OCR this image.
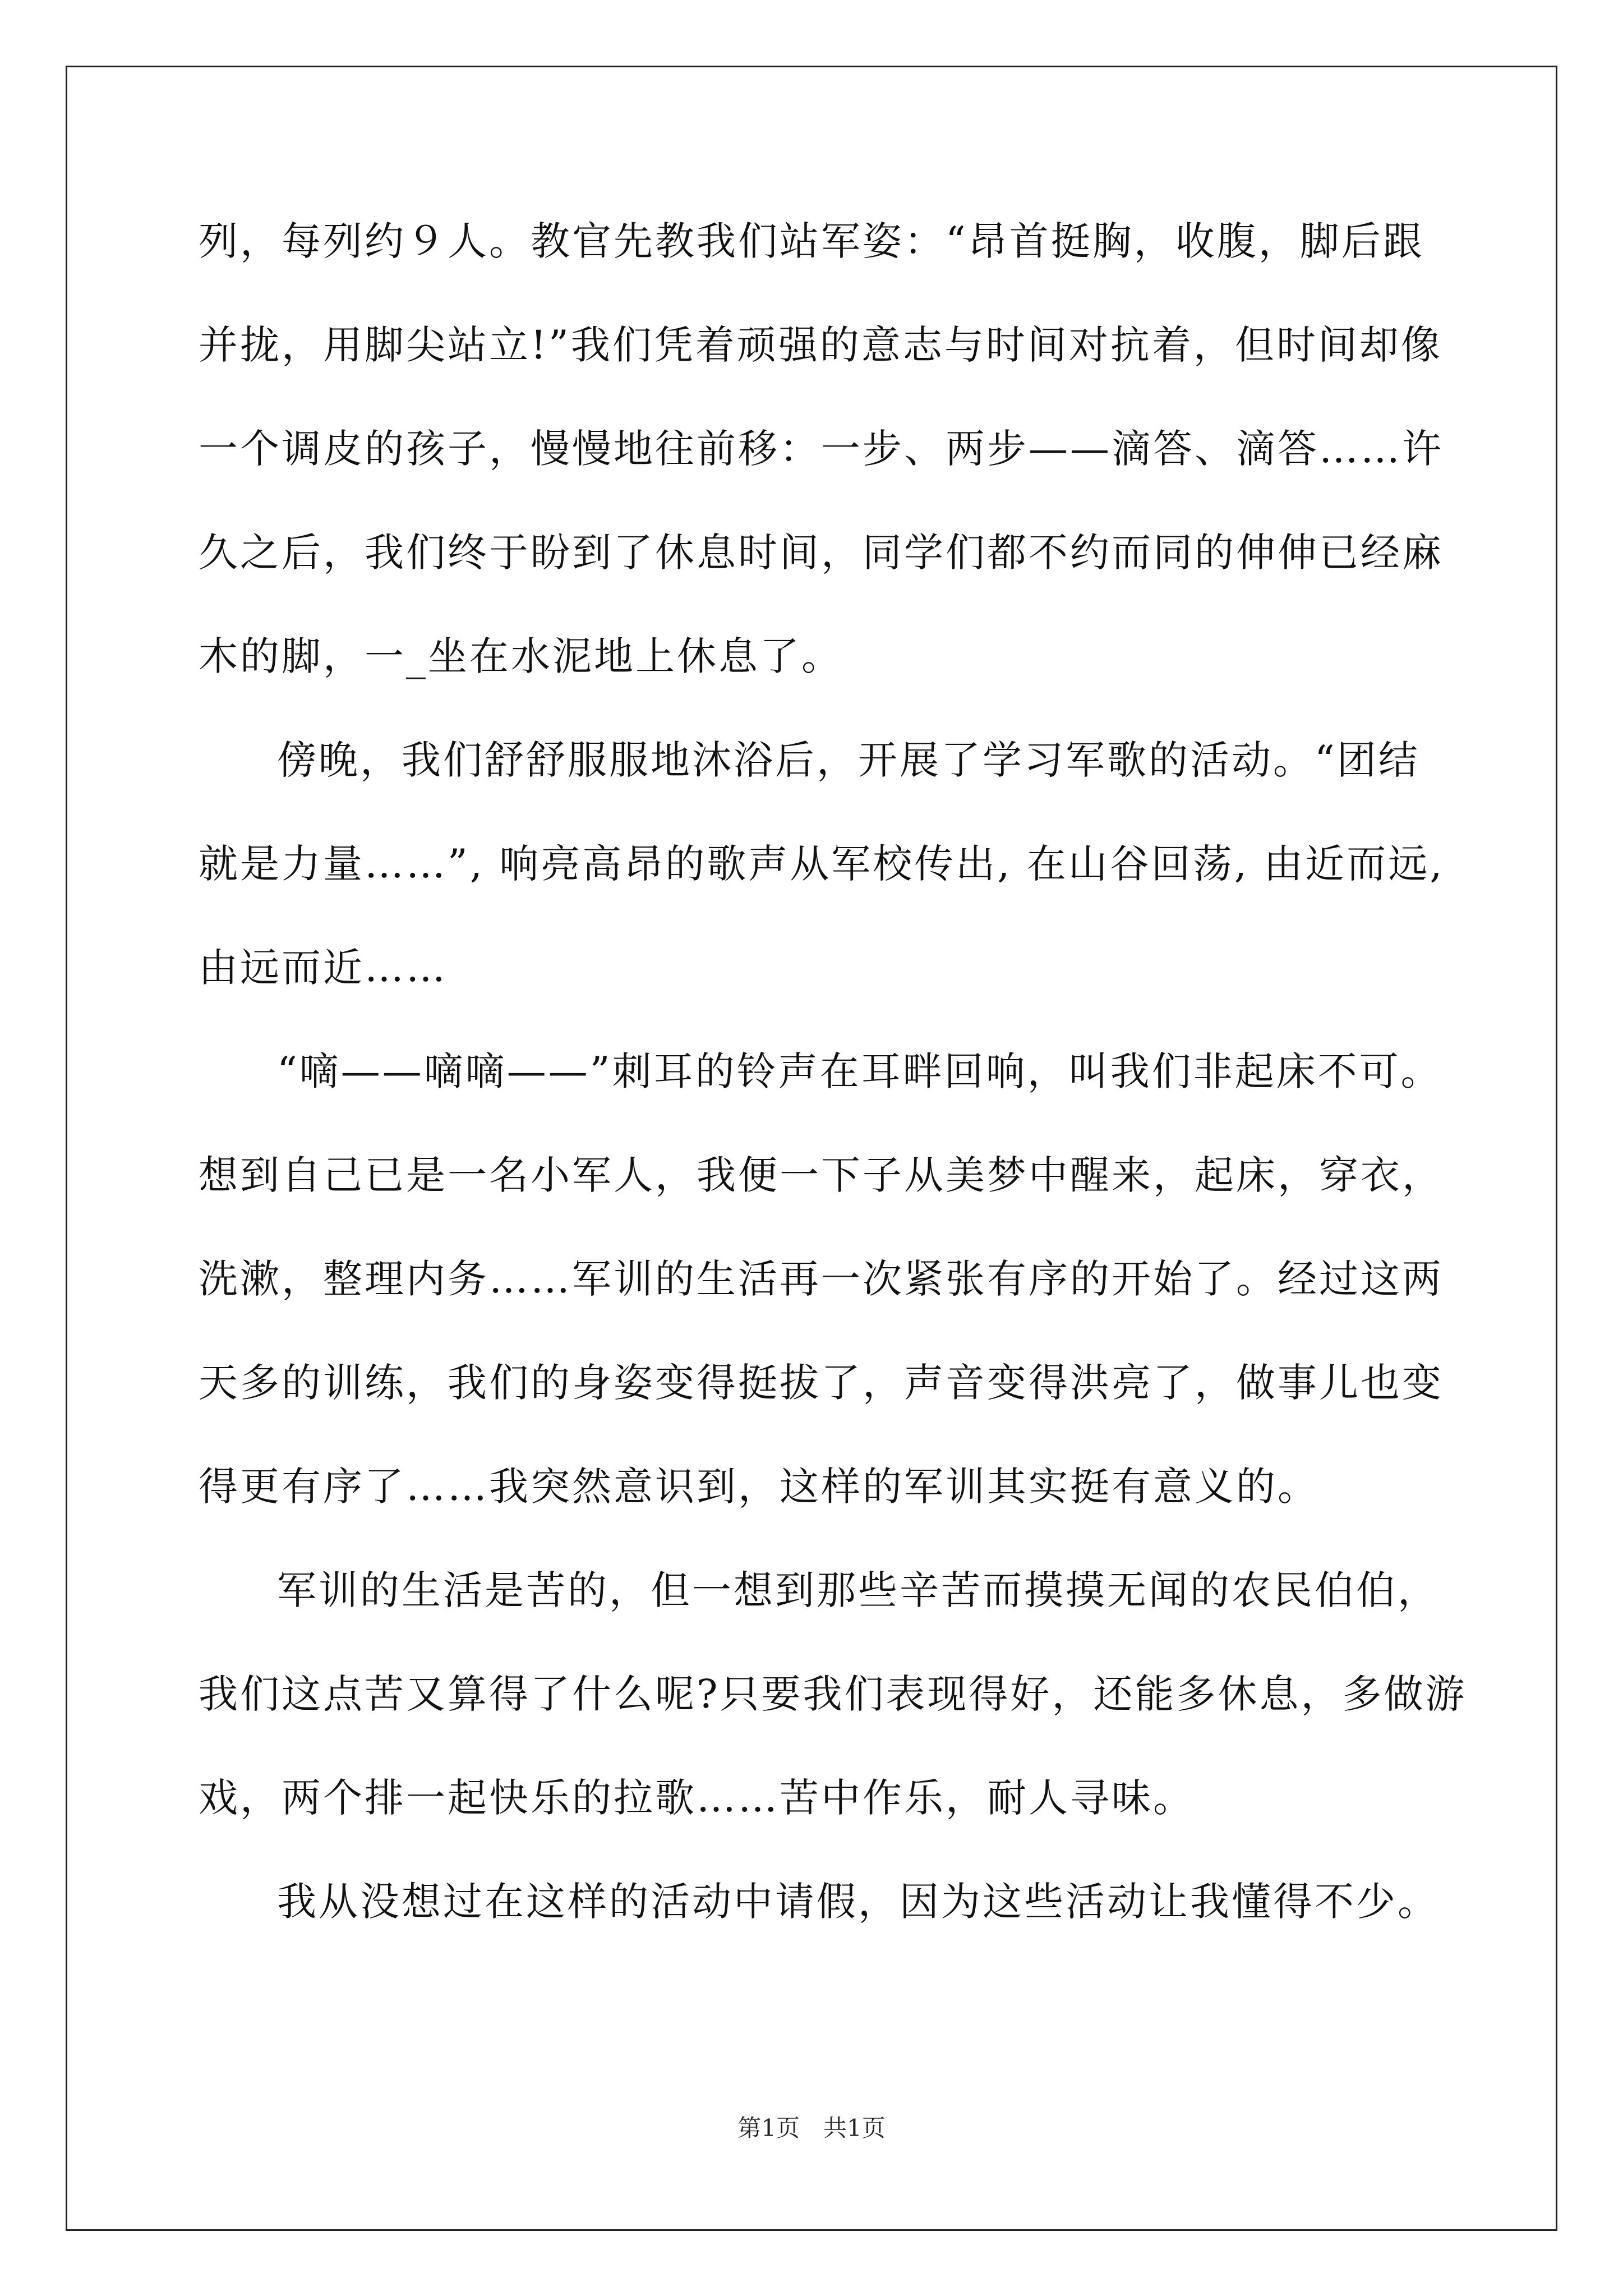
列，每列约９人。教官先教我们站军姿：“昂首挺胸，收腹，脚后跟
并拢，用脚尖站立!”我们凭着顽强的意志与时间对抗着，但时间却像
一个调皮的孩子，慢慢地往前移：一步、两步——滴答、滴答……许
久之后，我们终于盼到了休息时间，同学们都不约而同的伸伸已经麻
木的脚，一_坐在水泥地上休息了。
傍晚，我们舒舒服服地沐浴后，开展了学习军歌的活动。“团结
就是力量……”, 响亮高昂的歌声从军校传出, 在山谷回荡, 由近而远,
由远而近……
“嘀——嘀嘀——”刺耳的铃声在耳畔回响，叫我们非起床不可。
想到自己已是一名小军人，我便一下子从美梦中醒来，起床，穿衣，
洗漱，整理内务……军训的生活再一次紧张有序的开始了。经过这两
天多的训练，我们的身姿变得挺拔了，声音变得洪亮了，做事儿也变
得更有序了……我突然意识到，这样的军训其实挺有意义的。
军训的生活是苦的，但一想到那些辛苦而摸摸无闻的农民伯伯，
我们这点苦又算得了什么呢?只要我们表现得好，还能多休息，多做游
戏，两个排一起快乐的拉歌……苦中作乐，耐人寻味。
我从没想过在这样的活动中请假，因为这些活动让我懂得不少。
第1页　共1页
